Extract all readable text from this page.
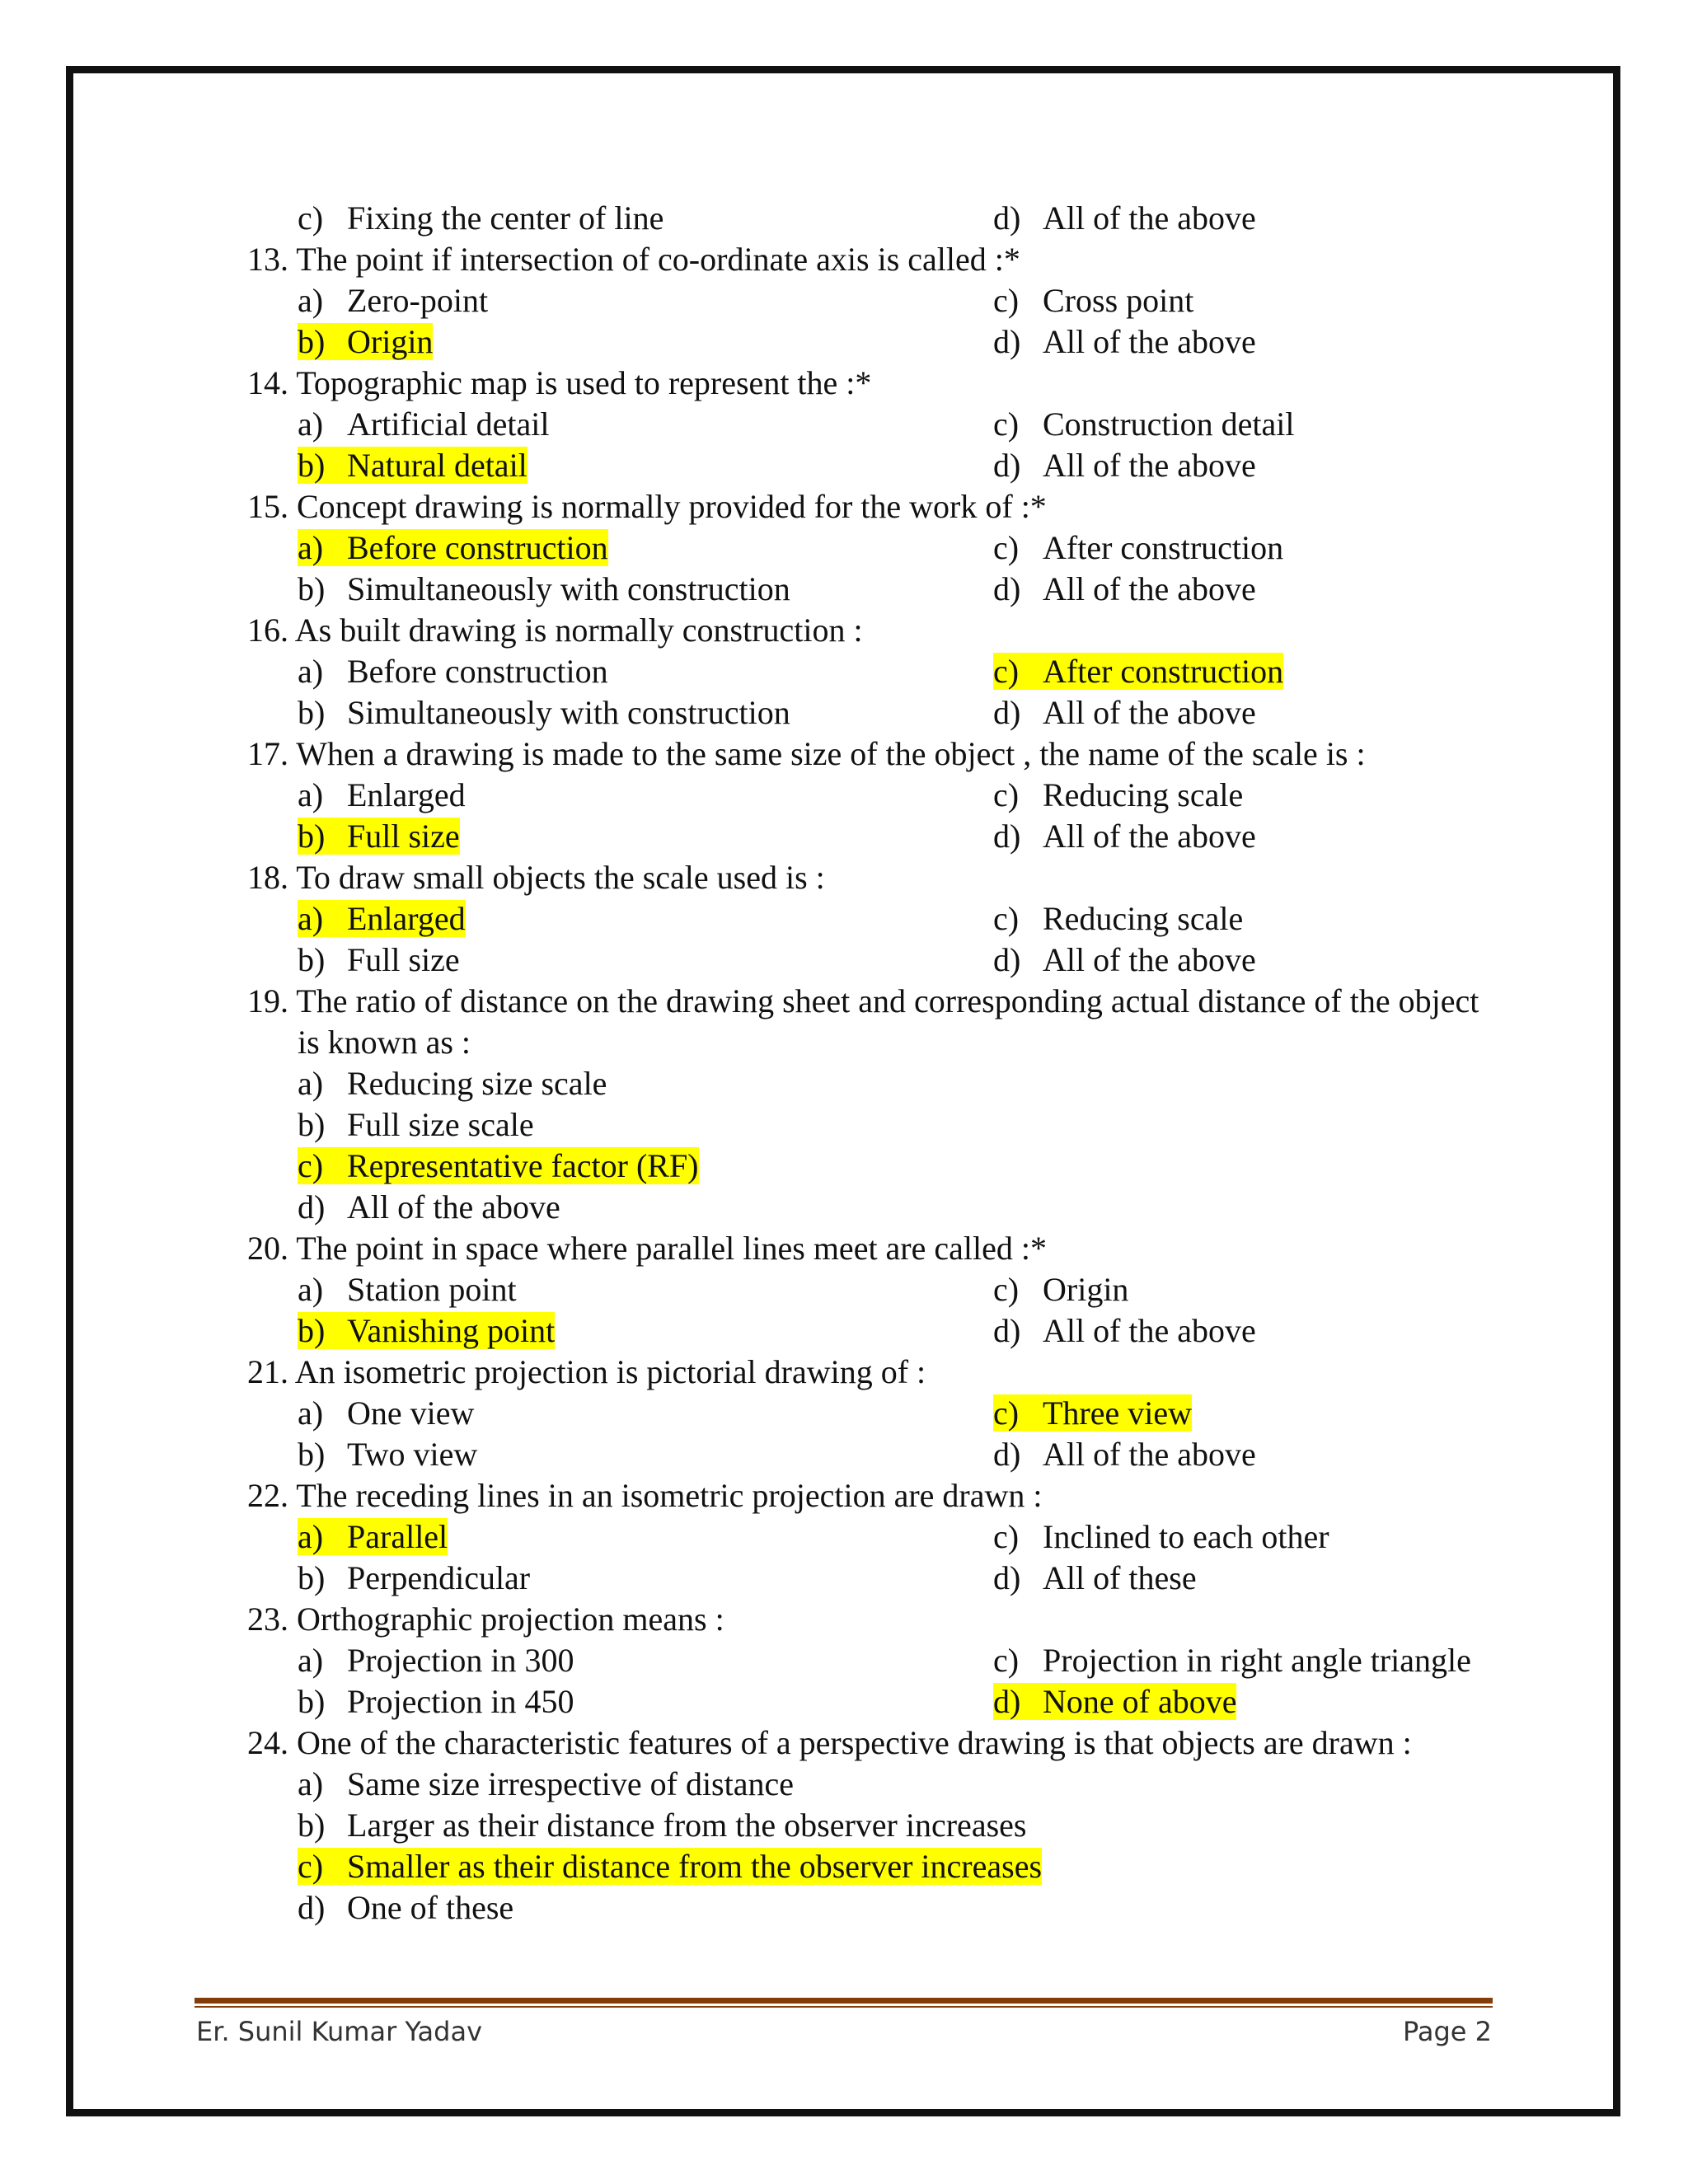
c) Fixing the center of line	d) All of the above
13. The point if intersection of co-ordinate axis is called :*
a) Zero-point	c) Cross point
b) Origin	d) All of the above
14. Topographic map is used to represent the :*
a) Artificial detail	c) Construction detail
b) Natural detail	d) All of the above
15. Concept drawing is normally provided for the work of :*
a) Before construction	c) After construction
b) Simultaneously with construction	d) All of the above
16. As built drawing is normally construction :
a) Before construction	c) After construction
b) Simultaneously with construction	d) All of the above
17. When a drawing is made to the same size of the object , the name of the scale is :
a) Enlarged	c) Reducing scale
b) Full size	d) All of the above
18. To draw small objects the scale used is :
a) Enlarged	c) Reducing scale
b) Full size	d) All of the above
19. The ratio of distance on the drawing sheet and corresponding actual distance of the object
is known as :
a) Reducing size scale
b) Full size scale
c) Representative factor (RF)
d) All of the above
20. The point in space where parallel lines meet are called :*
a) Station point	c) Origin
b) Vanishing point	d) All of the above
21. An isometric projection is pictorial drawing of :
a) One view	c) Three view
b) Two view	d) All of the above
22. The receding lines in an isometric projection are drawn :
a) Parallel	c) Inclined to each other
b) Perpendicular	d) All of these
23. Orthographic projection means :
a) Projection in 300	c) Projection in right angle triangle
b) Projection in 450	d) None of above
24. One of the characteristic features of a perspective drawing is that objects are drawn :
a) Same size irrespective of distance
b) Larger as their distance from the observer increases
c) Smaller as their distance from the observer increases
d) One of these
Er. Sunil Kumar Yadav	Page 2
